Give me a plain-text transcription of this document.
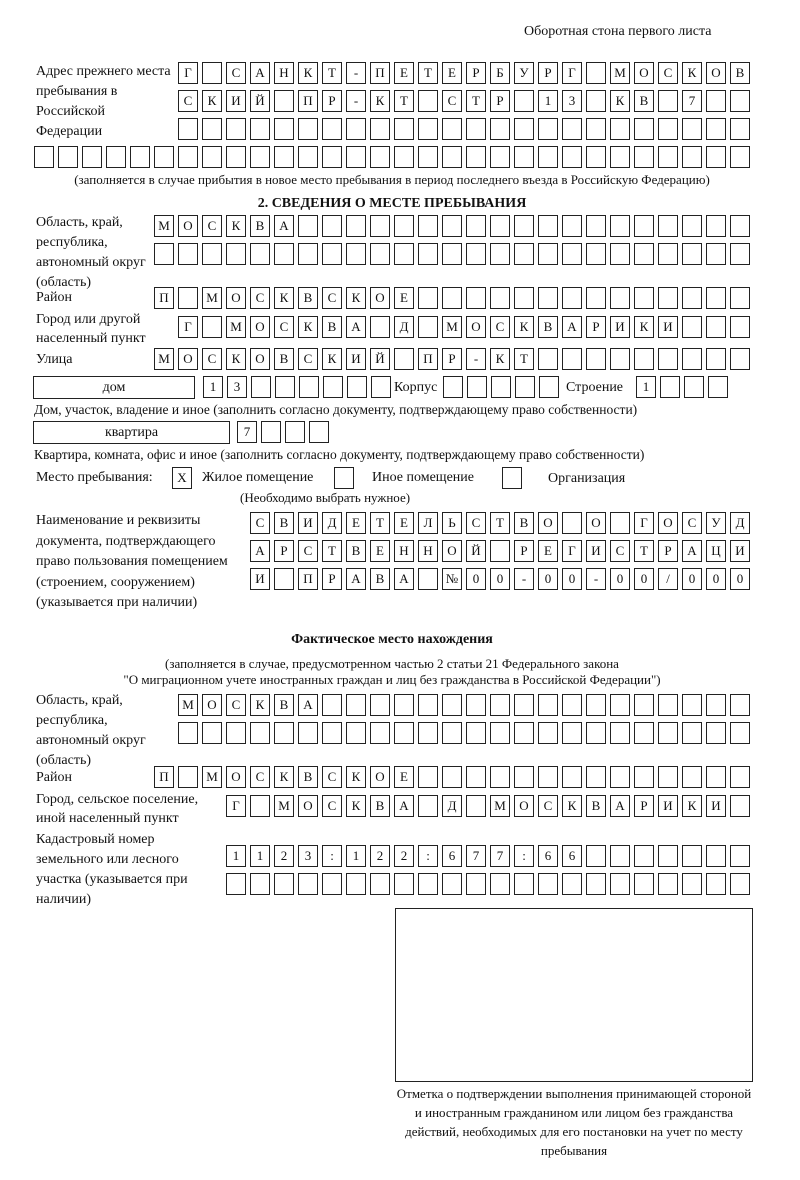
Оборотная стона первого листа
Адрес прежнего места пребывания в Российской Федерации
Г	С	А	Н	К	Т	-	П	Е	Т	Е	Р	Б	У	Р	Г	М	О	С	К	О	В
С	К	И	Й	П	Р	-	К	Т	С	Т	Р	1	3	К	В	7
(заполняется в случае прибытия в новое место пребывания в период последнего въезда в Российскую Федерацию)
2. СВЕДЕНИЯ О МЕСТЕ ПРЕБЫВАНИЯ
Область, край, республика, автономный округ (область)
М	О	С	К	В	А
Район	П	М	О	С	К	В	С	К	О	Е
Город или другой населенный пункт
Г	М	О	С	К	В	А	Д	М	О	С	К	В	А	Р	И	К	И
Улица	М	О	С	К	О	В	С	К	И	Й	П	Р	-	К	Т
дом	1	3	Корпус	Строение	1
Дом, участок, владение и иное (заполнить согласно документу, подтверждающему право собственности)
квартира	7
Квартира, комната, офис и иное (заполнить согласно документу, подтверждающему право собственности)
Место пребывания:	Х	Жилое помещение	Иное помещение	Организация
(Необходимо выбрать нужное)
Наименование и реквизиты документа, подтверждающего право пользования помещением (строением, сооружением) (указывается при наличии)
С	В	И	Д	Е	Т	Е	Л	Ь	С	Т	В	О	О	Г	О	С	У	Д
А	Р	С	Т	В	Е	Н	Н	О	Й	Р	Е	Г	И	С	Т	Р	А	Ц	И
И	П	Р	А	В	А	№	0	0	-	0	0	-	0	0	/	0	0	0
Фактическое место нахождения
(заполняется в случае, предусмотренном частью 2 статьи 21 Федерального закона
"О миграционном учете иностранных граждан и лиц без гражданства в Российской Федерации")
Область, край, республика, автономный округ (область)
М	О	С	К	В	А
Район	П	М	О	С	К	В	С	К	О	Е
Город, сельское поселение, иной населенный пункт
Г	М	О	С	К	В	А	Д	М	О	С	К	В	А	Р	И	К	И
Кадастровый номер земельного или лесного участка (указывается при наличии)
1	1	2	3	:	1	2	2	:	6	7	7	:	6	6
Отметка о подтверждении выполнения принимающей стороной и иностранным гражданином или лицом без гражданства действий, необходимых для его постановки на учет по месту пребывания
